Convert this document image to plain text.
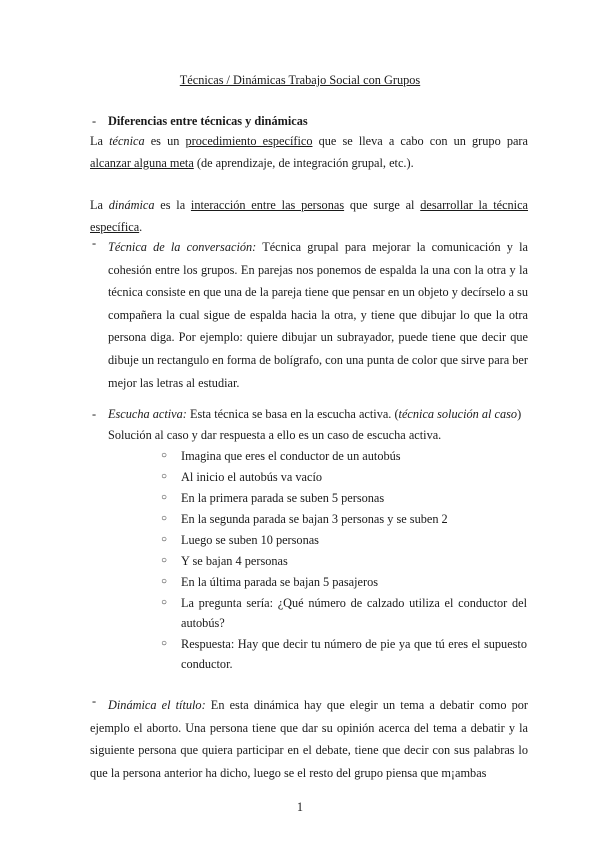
Técnicas / Dinámicas Trabajo Social con Grupos
- Diferencias entre técnicas y dinámicas
La técnica es un procedimiento específico que se lleva a cabo con un grupo para alcanzar alguna meta (de aprendizaje, de integración grupal, etc.).
La dinámica es la interacción entre las personas que surge al desarrollar la técnica específica.
- Técnica de la conversación: Técnica grupal para mejorar la comunicación y la cohesión entre los grupos. En parejas nos ponemos de espalda la una con la otra y la técnica consiste en que una de la pareja tiene que pensar en un objeto y decírselo a su compañera la cual sigue de espalda hacia la otra, y tiene que dibujar lo que la otra persona diga. Por ejemplo: quiere dibujar un subrayador, puede tiene que decir que dibuje un rectangulo en forma de bolígrafo, con una punta de color que sirve para ber mejor las letras al estudiar.
- Escucha activa: Esta técnica se basa en la escucha activa. (técnica solución al caso)
Solución al caso y dar respuesta a ello es un caso de escucha activa.
○ Imagina que eres el conductor de un autobús
○ Al inicio el autobús va vacío
○ En la primera parada se suben 5 personas
○ En la segunda parada se bajan 3 personas y se suben 2
○ Luego se suben 10 personas
○ Y se bajan 4 personas
○ En la última parada se bajan 5 pasajeros
○ La pregunta sería: ¿Qué número de calzado utiliza el conductor del autobús?
○ Respuesta: Hay que decir tu número de pie ya que tú eres el supuesto conductor.
- Dinámica el título: En esta dinámica hay que elegir un tema a debatir como por ejemplo el aborto. Una persona tiene que dar su opinión acerca del tema a debatir y la siguiente persona que quiera participar en el debate, tiene que decir con sus palabras lo que la persona anterior ha dicho, luego se el resto del grupo piensa que m¡ambas
1
